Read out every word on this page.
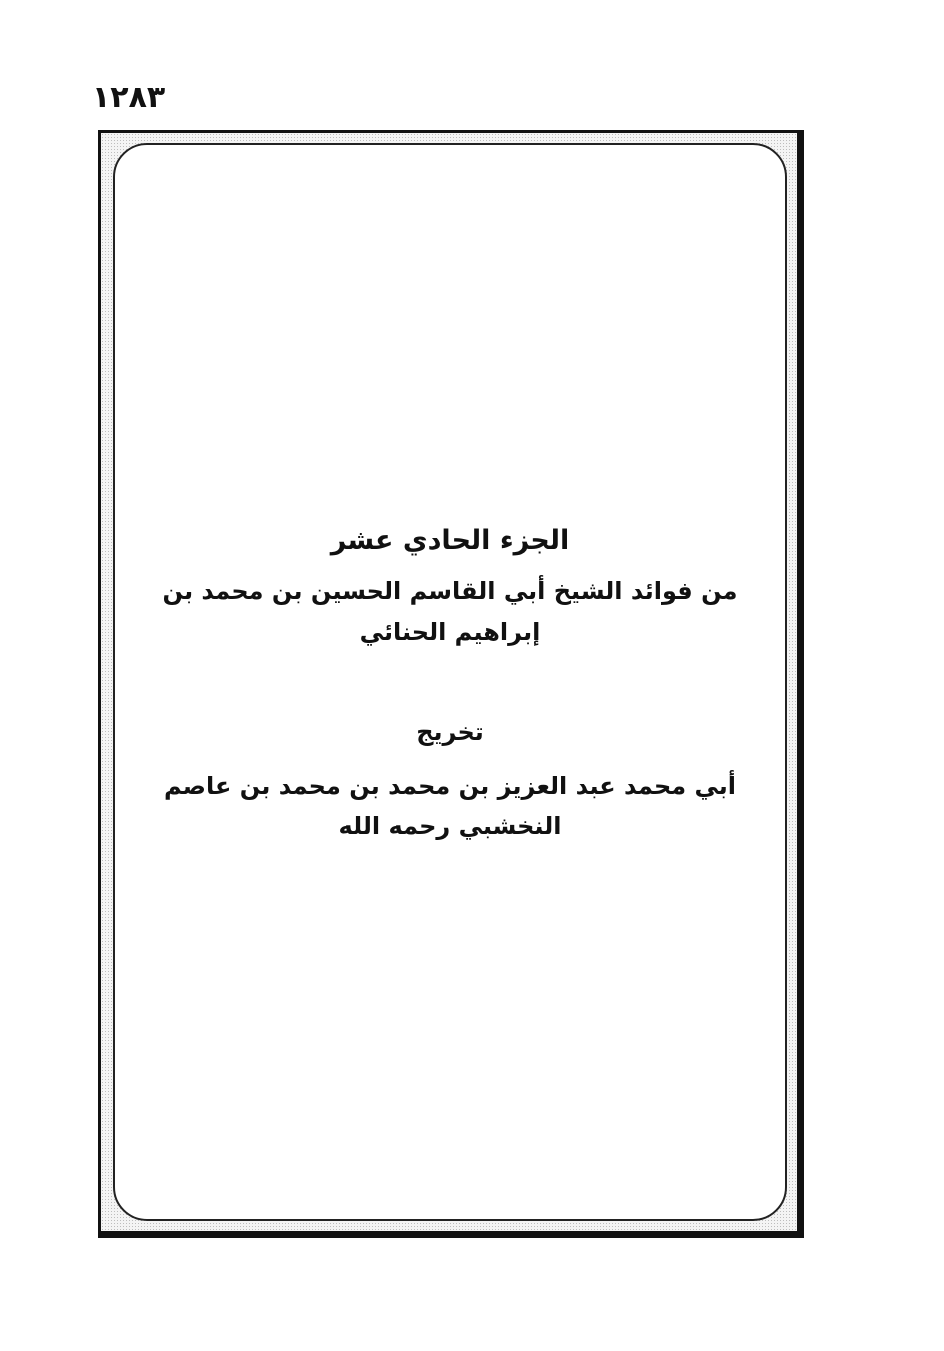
١٢٨٣
الجزء الحادي عشر
من فوائد الشيخ أبي القاسم الحسين بن محمد بن
إبراهيم الحنائي
تخريج
أبي محمد عبد العزيز بن محمد بن محمد بن عاصم
النخشبي رحمه الله
